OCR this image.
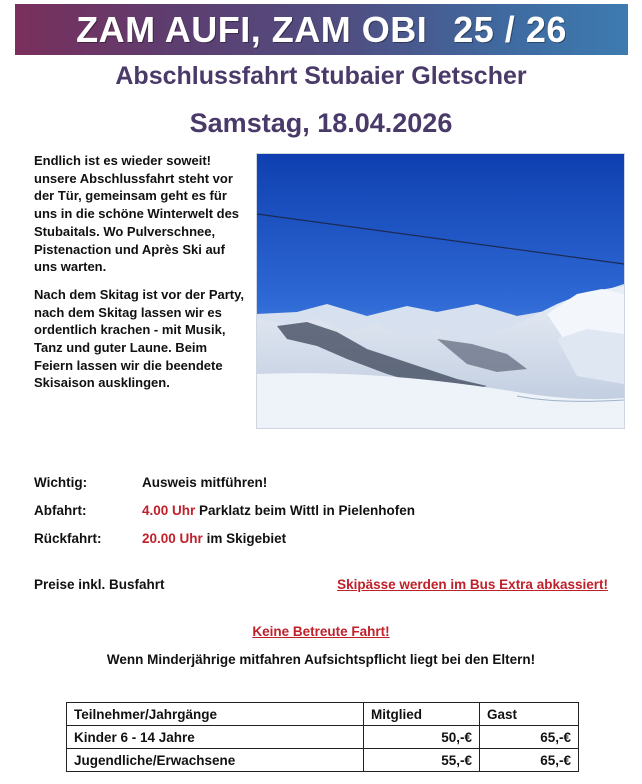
ZAM AUFI, ZAM OBI 25 / 26
Abschlussfahrt Stubaier Gletscher
Samstag, 18.04.2026

Endlich ist es wieder soweit! unsere Abschlussfahrt steht vor der Tür, gemeinsam geht es für uns in die schöne Winterwelt des Stubaitals. Wo Pulverschnee, Pistenaction und Après Ski auf uns warten.

Nach dem Skitag ist vor der Party, nach dem Skitag lassen wir es ordentlich krachen - mit Musik, Tanz und guter Laune. Beim Feiern lassen wir die beendete Skisaison ausklingen.

Wichtig:	Ausweis mitführen!
Abfahrt:	4.00 Uhr Parklatz beim Wittl in Pielenhofen
Rückfahrt:	20.00 Uhr im Skigebiet
Preise inkl. Busfahrt	Skipässe werden im Bus Extra abkassiert!
Keine Betreute Fahrt!
Wenn Minderjährige mitfahren Aufsichtspflicht liegt bei den Eltern!
Teilnehmer/Jahrgänge	Mitglied	Gast
Kinder 6 - 14 Jahre	50,-€	65,-€
Jugendliche/Erwachsene	55,-€	65,-€
